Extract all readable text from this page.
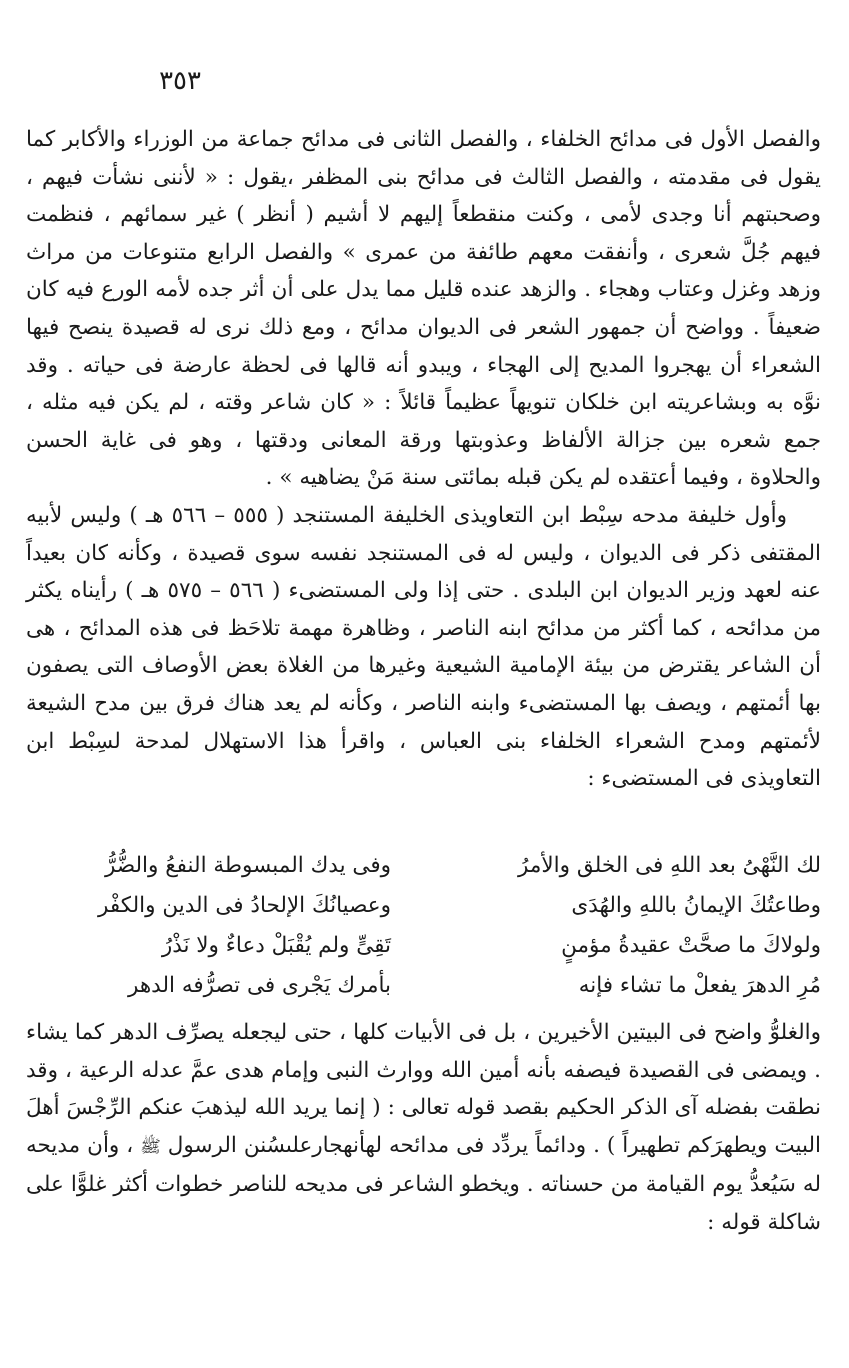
٣٥٣

والفصل الأول فى مدائح الخلفاء ، والفصل الثانى فى مدائح جماعة من الوزراء والأكابر كما يقول فى مقدمته ، والفصل الثالث فى مدائح بنى المظفر ،يقول : « لأننى نشأت فيهم ، وصحبتهم أنا وجدى لأمى ، وكنت منقطعاً إليهم لا أشيم ( أنظر ) غير سمائهم ، فنظمت فيهم جُلَّ شعرى ، وأنفقت معهم طائفة من عمرى » والفصل الرابع متنوعات من مراث وزهد وغزل وعتاب وهجاء . والزهد عنده قليل مما يدل على أن أثر جده لأمه الورع فيه كان ضعيفاً . وواضح أن جمهور الشعر فى الديوان مدائح ، ومع ذلك نرى له قصيدة ينصح فيها الشعراء أن يهجروا المديح إلى الهجاء ، ويبدو أنه قالها فى لحظة عارضة فى حياته . وقد نوَّه به وبشاعريته ابن خلكان تنويهاً عظيماً قائلاً : « كان شاعر وقته ، لم يكن فيه مثله ، جمع شعره بين جزالة الألفاظ وعذوبتها ورقة المعانى ودقتها ، وهو فى غاية الحسن والحلاوة ، وفيما أعتقده لم يكن قبله بمائتى سنة مَنْ يضاهيه » .

وأول خليفة مدحه سِبْط ابن التعاويذى الخليفة المستنجد ( ٥٥٥ – ٥٦٦ هـ ) وليس لأبيه المقتفى ذكر فى الديوان ، وليس له فى المستنجد نفسه سوى قصيدة ، وكأنه كان بعيداً عنه لعهد وزير الديوان ابن البلدى . حتى إذا ولى المستضىء ( ٥٦٦ – ٥٧٥ هـ ) رأيناه يكثر من مدائحه ، كما أكثر من مدائح ابنه الناصر ، وظاهرة مهمة تلاحَظ فى هذه المدائح ، هى أن الشاعر يقترض من بيئة الإمامية الشيعية وغيرها من الغلاة بعض الأوصاف التى يصفون بها أئمتهم ، ويصف بها المستضىء وابنه الناصر ، وكأنه لم يعد هناك فرق بين مدح الشيعة لأئمتهم ومدح الشعراء الخلفاء بنى العباس ، واقرأ هذا الاستهلال لمدحة لسِبْط ابن التعاويذى فى المستضىء :

لك النَّهْىُ بعد اللهِ فى الخلق والأمرُ
وفى يدك المبسوطة النفعُ والضُّرُّ
وطاعتُكَ الإيمانُ باللهِ والهُدَى
وعصيانُكَ الإلحادُ فى الدين والكفْر
ولولاكَ ما صحَّتْ عقيدةُ مؤمنٍ
تَقِىٍّ ولم يُقْبَلْ دعاءٌ ولا نَذْرُ
مُرِ الدهرَ يفعلْ ما تشاء فإنه
بأمرك يَجْرى فى تصرُّفه الدهر

والغلوُّ واضح فى البيتين الأخيرين ، بل فى الأبيات كلها ، حتى ليجعله يصرِّف الدهر كما يشاء . ويمضى فى القصيدة فيصفه بأنه أمين الله ووارث النبى وإمام هدى عمَّ عدله الرعية ، وقد نطقت بفضله آى الذكر الحكيم بقصد قوله تعالى : ( إنما يريد الله ليذهبَ عنكم الرِّجْسَ أهلَ البيت ويطهرَكم تطهيراً ) . ودائماً يردِّد فى مدائحه لهأنهجارعلىسُنن الرسول ﷺ ، وأن مديحه له سَيُعدُّ يوم القيامة من حسناته . ويخطو الشاعر فى مديحه للناصر خطوات أكثر غلوًّا على شاكلة قوله :
